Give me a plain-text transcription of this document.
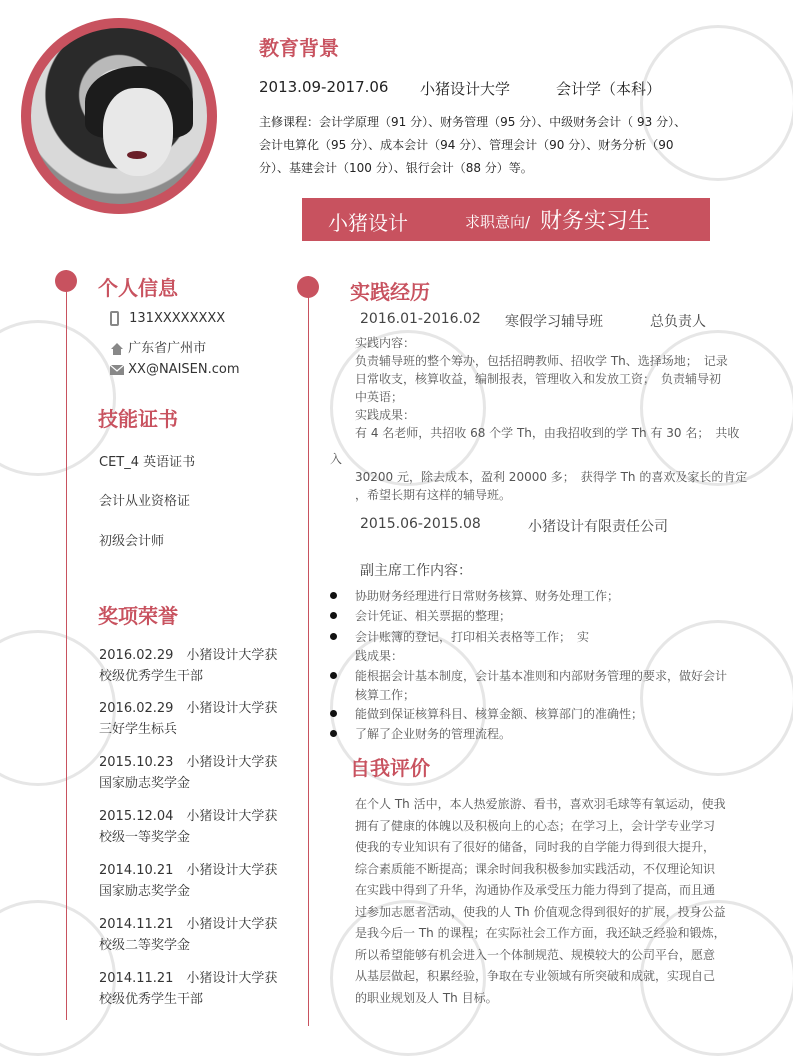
教育背景
2013.09-2017.06 小猪设计大学	会计学（本科）
主修课程：会计学原理（91 分）、财务管理（95 分）、中级财务会计（ 93 分）、
会计电算化（95 分）、成本会计（94 分）、管理会计（90 分）、财务分析（90
分）、基建会计（100 分）、银行会计（88 分）等。
小猪设计	求职意向/ 财务实习生
个人信息
131XXXXXXXX
广东省广州市
XX@NAISEN.com
技能证书
CET_4 英语证书
会计从业资格证
初级会计师
奖项荣誉
2016.02.29　小猪设计大学获
校级优秀学生干部
2016.02.29　小猪设计大学获
三好学生标兵
2015.10.23　小猪设计大学获
国家励志奖学金
2015.12.04　小猪设计大学获
校级一等奖学金
2014.10.21　小猪设计大学获
国家励志奖学金
2014.11.21　小猪设计大学获
校级二等奖学金
2014.11.21　小猪设计大学获
校级优秀学生干部
实践经历
2016.01-2016.02 寒假学习辅导班	总负责人
实践内容：
负责辅导班的整个筹办，包括招聘教师、招收学 Th、选择场地；　记录
日常收支，核算收益，编制报表，管理收入和发放工资；　负责辅导初
中英语；
实践成果：
有 4 名老师，共招收 68 个学 Th，由我招收到的学 Th 有 30 名；　共收
入
30200 元，除去成本，盈利 20000 多；　获得学 Th 的喜欢及家长的肯定
，希望长期有这样的辅导班。
2015.06-2015.08	小猪设计有限责任公司
副主席工作内容：
协助财务经理进行日常财务核算、财务处理工作；
会计凭证、相关票据的整理；
会计账簿的登记，打印相关表格等工作；　实
践成果：
能根据会计基本制度，会计基本准则和内部财务管理的要求，做好会计
核算工作；
能做到保证核算科目、核算金额、核算部门的准确性；
了解了企业财务的管理流程。
自我评价
在个人 Th 活中，本人热爱旅游、看书，喜欢羽毛球等有氧运动，使我
拥有了健康的体魄以及积极向上的心态；在学习上，会计学专业学习
使我的专业知识有了很好的储备，同时我的自学能力得到很大提升，
综合素质能不断提高；课余时间我积极参加实践活动，不仅理论知识
在实践中得到了升华，沟通协作及承受压力能力得到了提高，而且通
过参加志愿者活动，使我的人 Th 价值观念得到很好的扩展，投身公益
是我今后一 Th 的课程；在实际社会工作方面，我还缺乏经验和锻炼，
所以希望能够有机会进入一个体制规范、规模较大的公司平台，愿意
从基层做起，积累经验，争取在专业领域有所突破和成就，实现自己
的职业规划及人 Th 目标。
